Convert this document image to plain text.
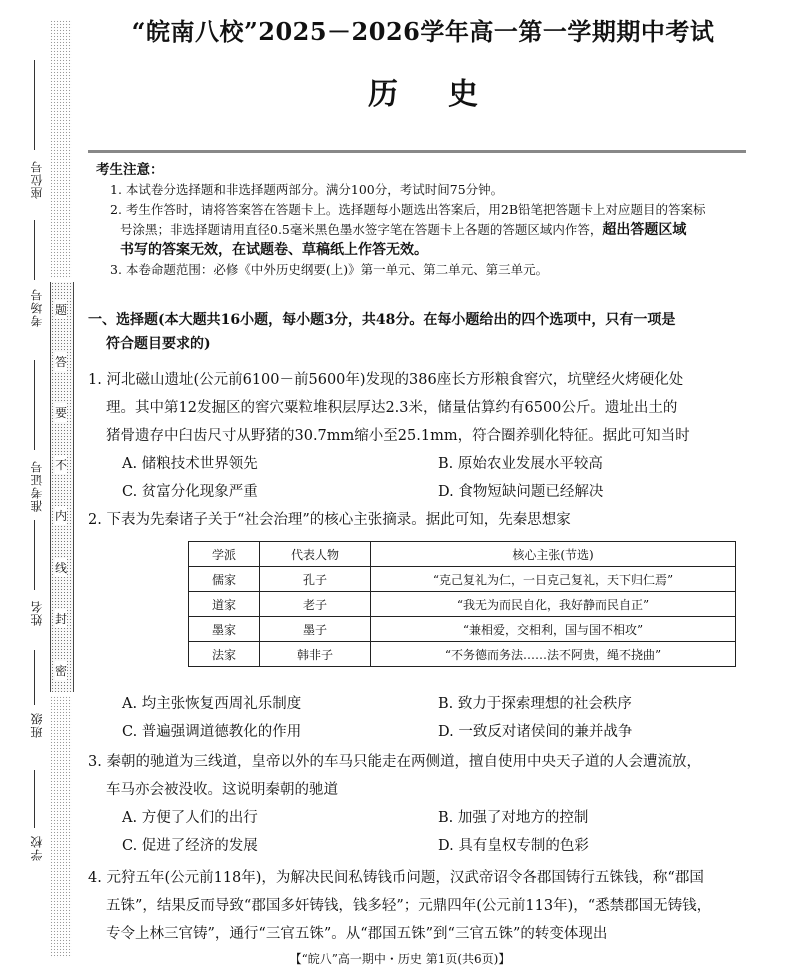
座位号
考场号
准考证号
姓名
班级
学校
密
封
线
内
不
要
答
题
“皖南八校”2025－2026学年高一第一学期期中考试
历史
考生注意：
1. 本试卷分选择题和非选择题两部分。满分100分，考试时间75分钟。
2. 考生作答时，请将答案答在答题卡上。选择题每小题选出答案后，用2B铅笔把答题卡上对应题目的答案标
号涂黑；非选择题请用直径0.5毫米黑色墨水签字笔在答题卡上各题的答题区域内作答，超出答题区域
书写的答案无效，在试题卷、草稿纸上作答无效。
3. 本卷命题范围：必修《中外历史纲要(上)》第一单元、第二单元、第三单元。
一、选择题(本大题共16小题，每小题3分，共48分。在每小题给出的四个选项中，只有一项是
符合题目要求的)
1. 河北磁山遗址(公元前6100－前5600年)发现的386座长方形粮食窖穴，坑壁经火烤硬化处
理。其中第12发掘区的窖穴粟粒堆积层厚达2.3米，储量估算约有6500公斤。遗址出土的
猪骨遗存中臼齿尺寸从野猪的30.7mm缩小至25.1mm，符合圈养驯化特征。据此可知当时
A. 储粮技术世界领先	B. 原始农业发展水平较高
C. 贫富分化现象严重	D. 食物短缺问题已经解决
2. 下表为先秦诸子关于“社会治理”的核心主张摘录。据此可知，先秦思想家
学派	代表人物	核心主张(节选)
儒家	孔子	“克己复礼为仁，一日克己复礼，天下归仁焉”
道家	老子	“我无为而民自化，我好静而民自正”
墨家	墨子	“兼相爱，交相利，国与国不相攻”
法家	韩非子	“不务德而务法……法不阿贵，绳不挠曲”
A. 均主张恢复西周礼乐制度	B. 致力于探索理想的社会秩序
C. 普遍强调道德教化的作用	D. 一致反对诸侯间的兼并战争
3. 秦朝的驰道为三线道，皇帝以外的车马只能走在两侧道，擅自使用中央天子道的人会遭流放，
车马亦会被没收。这说明秦朝的驰道
A. 方便了人们的出行	B. 加强了对地方的控制
C. 促进了经济的发展	D. 具有皇权专制的色彩
4. 元狩五年(公元前118年)，为解决民间私铸钱币问题，汉武帝诏令各郡国铸行五铢钱，称“郡国
五铢”，结果反而导致“郡国多奸铸钱，钱多轻”；元鼎四年(公元前113年)，“悉禁郡国无铸钱，
专令上林三官铸”，通行“三官五铢”。从“郡国五铢”到“三官五铢”的转变体现出
【“皖八”高一期中・历史 第1页(共6页)】
